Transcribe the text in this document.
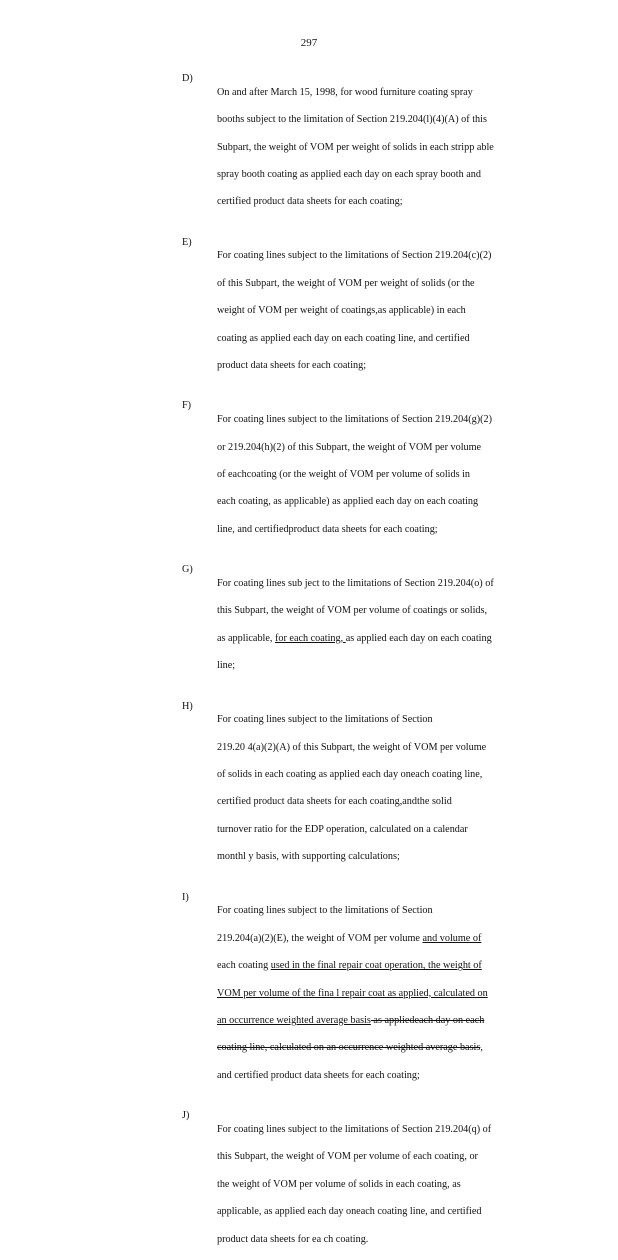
297
D)

On and after March 15, 1998, for wood furniture coating spray

booths subject to the limitation of Section 219.204(l)(4)(A) of this

Subpart, the weight of VOM per weight of solids in each stripp able

spray booth coating as applied each day on each spray booth and

certified product data sheets for each coating;

E)

For coating lines subject to the limitations of Section 219.204(c)(2)

of this Subpart, the weight of VOM per weight of solids (or the

weight of VOM per weight of coatings,as applicable) in each

coating as applied each day on each coating line, and certified

product data sheets for each coating;

F)

For coating lines subject to the limitations of Section 219.204(g)(2)

or 219.204(h)(2) of this Subpart, the weight of VOM per volume

of eachcoating (or the weight of VOM per volume of solids in

each coating, as applicable) as applied each day on each coating

line, and certifiedproduct data sheets for each coating;

G)

For coating lines sub ject to the limitations of Section 219.204(o) of

this Subpart, the weight of VOM per volume of coatings or solids,

as applicable, for each coating, as applied each day on each coating

line;

H)

For coating lines subject to the limitations of Section

219.20 4(a)(2)(A) of this Subpart, the weight of VOM per volume

of solids in each coating as applied each day oneach coating line,

certified product data sheets for each coating,andthe solid

turnover ratio for the EDP operation, calculated on a calendar

monthl y basis, with supporting calculations;

I)

For coating lines subject to the limitations of Section

219.204(a)(2)(E), the weight of VOM per volume and volume of

each coating used in the final repair coat operation, the weight of

VOM per volume of the fina l repair coat as applied, calculated on

an occurrence weighted average basis as appliedeach day on each

coating line, calculated on an occurrence weighted average basis,

and certified product data sheets for each coating;

J)

For coating lines subject to the limitations of Section 219.204(q) of

this Subpart, the weight of VOM per volume of each coating, or

the weight of VOM per volume of solids in each coating, as

applicable, as applied each day oneach coating line, and certified

product data sheets for ea ch coating.
